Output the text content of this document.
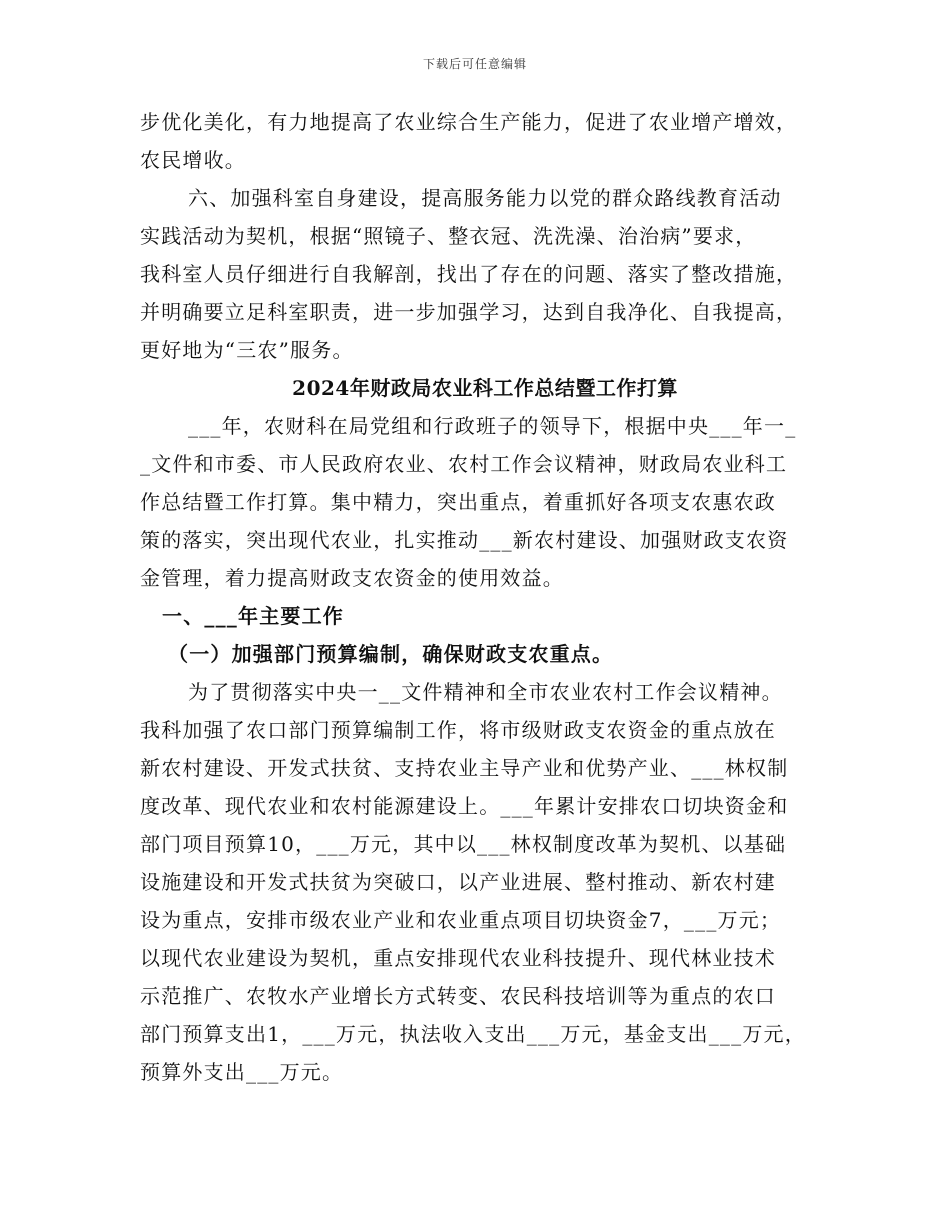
下载后可任意编辑
步优化美化，有力地提高了农业综合生产能力，促进了农业增产增效，
农民增收。
六、加强科室自身建设，提高服务能力以党的群众路线教育活动
实践活动为契机，根据“照镜子、整衣冠、洗洗澡、治治病”要求，
我科室人员仔细进行自我解剖，找出了存在的问题、落实了整改措施，
并明确要立足科室职责，进一步加强学习，达到自我净化、自我提高，
更好地为“三农”服务。
2024年财政局农业科工作总结暨工作打算
___年，农财科在局党组和行政班子的领导下，根据中央___年一_
_文件和市委、市人民政府农业、农村工作会议精神，财政局农业科工
作总结暨工作打算。集中精力，突出重点，着重抓好各项支农惠农政
策的落实，突出现代农业，扎实推动___新农村建设、加强财政支农资
金管理，着力提高财政支农资金的使用效益。
一、___年主要工作
（一）加强部门预算编制，确保财政支农重点。
为了贯彻落实中央一__文件精神和全市农业农村工作会议精神。
我科加强了农口部门预算编制工作，将市级财政支农资金的重点放在
新农村建设、开发式扶贫、支持农业主导产业和优势产业、___林权制
度改革、现代农业和农村能源建设上。___年累计安排农口切块资金和
部门项目预算10，___万元，其中以___林权制度改革为契机、以基础
设施建设和开发式扶贫为突破口，以产业进展、整村推动、新农村建
设为重点，安排市级农业产业和农业重点项目切块资金7，___万元；
以现代农业建设为契机，重点安排现代农业科技提升、现代林业技术
示范推广、农牧水产业增长方式转变、农民科技培训等为重点的农口
部门预算支出1，___万元，执法收入支出___万元，基金支出___万元，
预算外支出___万元。
